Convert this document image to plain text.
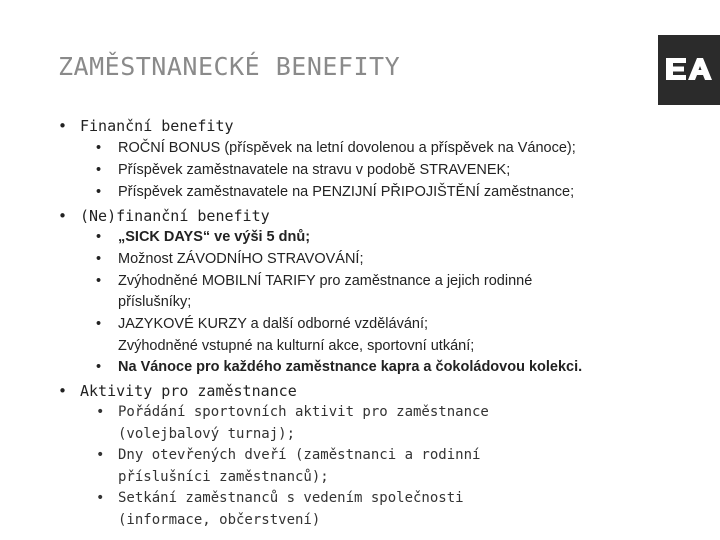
ZAMĚSTNANECKÉ BENEFITY
• Finanční benefity
• ROČNÍ BONUS (příspěvek na letní dovolenou a příspěvek na Vánoce);
• Příspěvek zaměstnavatele na stravu v podobě STRAVENEK;
• Příspěvek zaměstnavatele na PENZIJNÍ PŘIPOJIŠTĚNÍ zaměstnance;
• (Ne)finanční benefity
• „SICK DAYS“ ve výši 5 dnů;
• Možnost ZÁVODNÍHO STRAVOVÁNÍ;
• Zvýhodněné MOBILNÍ TARIFY pro zaměstnance a jejich rodinné
příslušníky;
• JAZYKOVÉ KURZY a další odborné vzdělávání;
Zvýhodněné vstupné na kulturní akce, sportovní utkání;
• Na Vánoce pro každého zaměstnance kapra a čokoládovou kolekci.
• Aktivity pro zaměstnance
• Pořádání sportovních aktivit pro zaměstnance
(volejbalový turnaj);
• Dny otevřených dveří (zaměstnanci a rodinní
příslušníci zaměstnanců);
• Setkání zaměstnanců s vedením společnosti
(informace, občerstvení)
